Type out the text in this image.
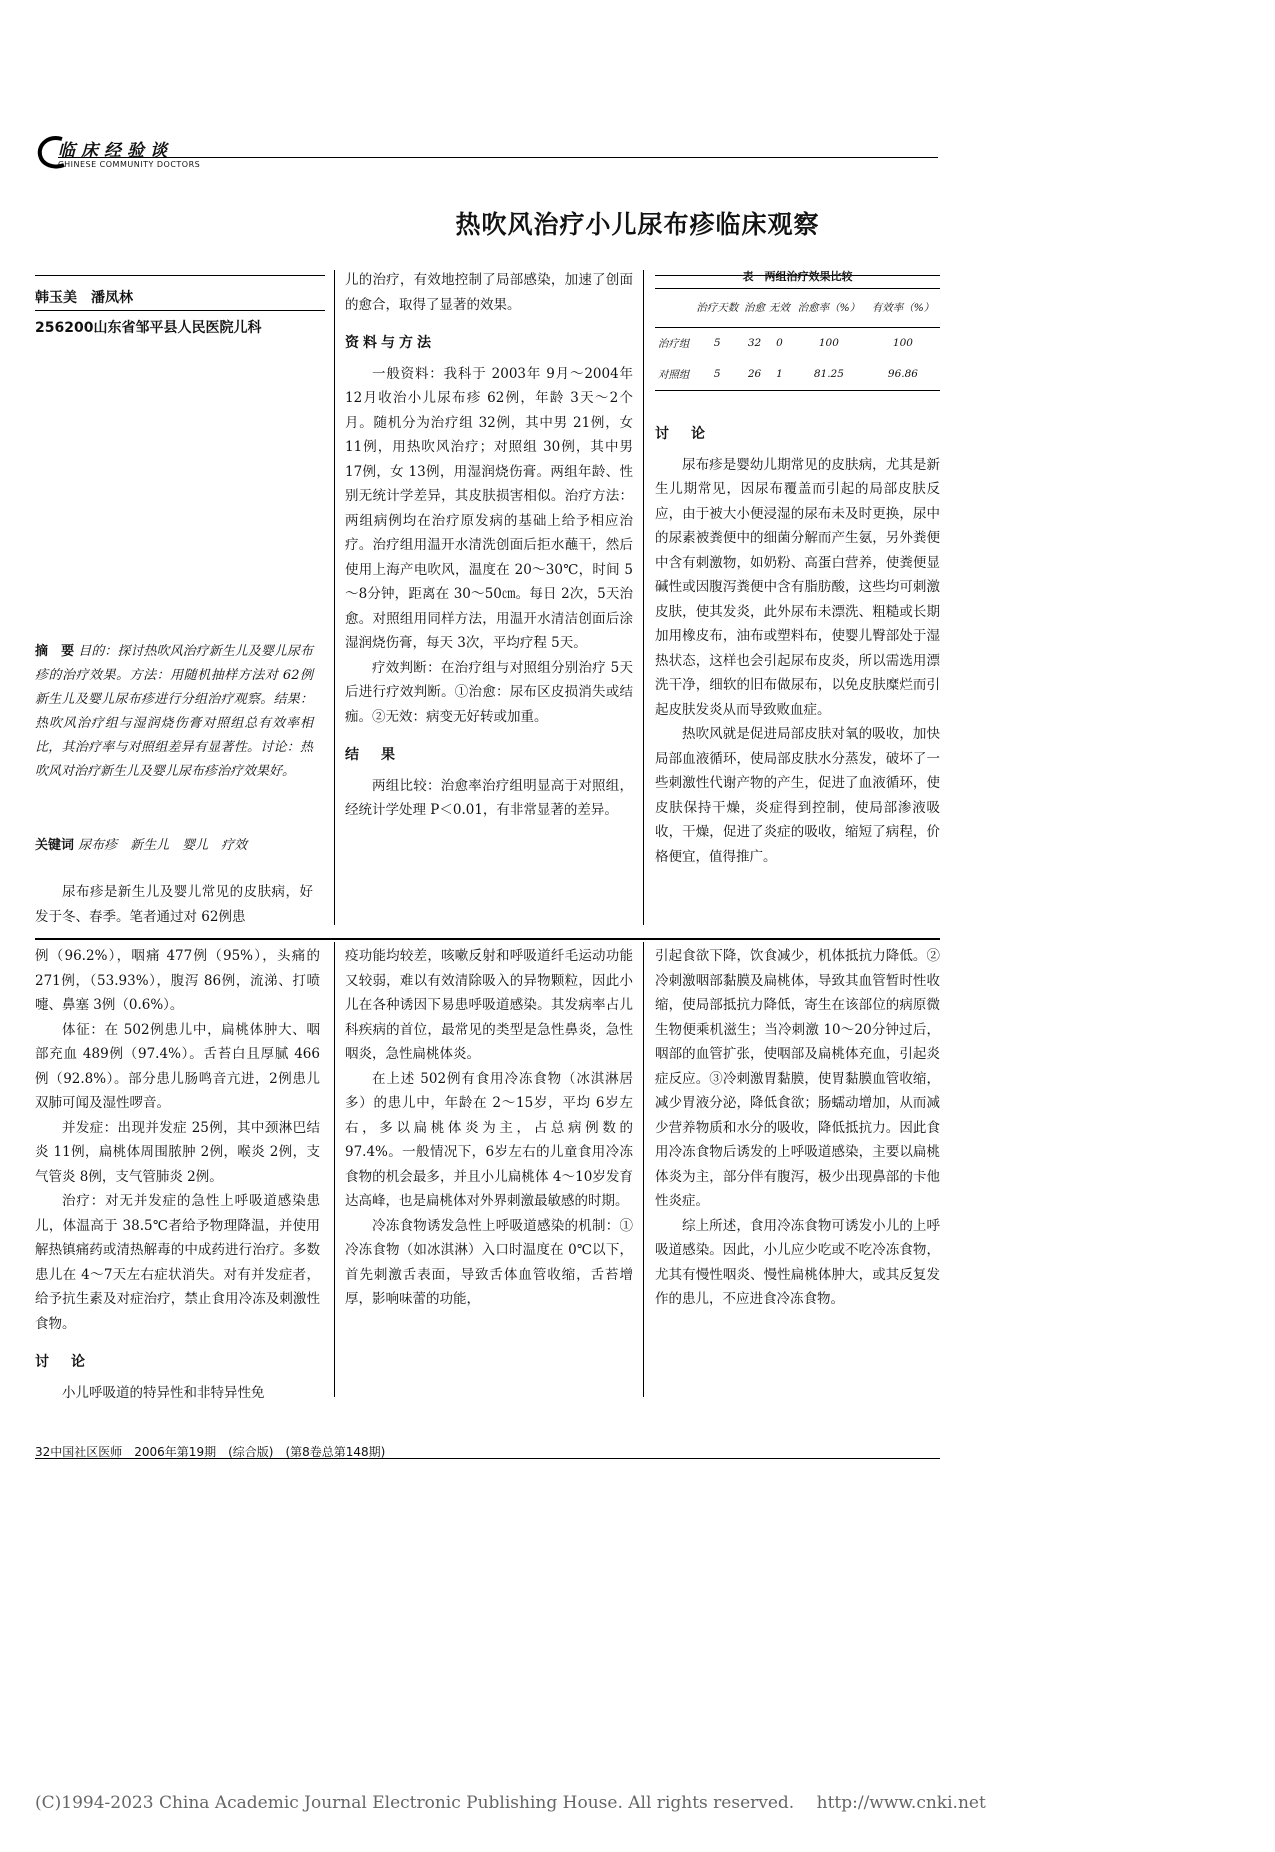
临床经验谈
CHINESE COMMUNITY DOCTORS
热吹风治疗小儿尿布疹临床观察
韩玉美　潘凤林
256200山东省邹平县人民医院儿科
摘　要 目的：探讨热吹风治疗新生儿及婴儿尿布疹的治疗效果。方法：用随机抽样方法对 62例新生儿及婴儿尿布疹进行分组治疗观察。结果：热吹风治疗组与湿润烧伤膏对照组总有效率相比，其治疗率与对照组差异有显著性。讨论：热吹风对治疗新生儿及婴儿尿布疹治疗效果好。
关键词 尿布疹　新生儿　婴儿　疗效

尿布疹是新生儿及婴儿常见的皮肤病，好发于冬、春季。笔者通过对 62例患

儿的治疗，有效地控制了局部感染，加速了创面的愈合，取得了显著的效果。

资料与方法

一般资料：我科于 2003年 9月～2004年 12月收治小儿尿布疹 62例，年龄 3天～2个月。随机分为治疗组 32例，其中男 21例，女 11例，用热吹风治疗；对照组 30例，其中男 17例，女 13例，用湿润烧伤膏。两组年龄、性别无统计学差异，其皮肤损害相似。治疗方法：两组病例均在治疗原发病的基础上给予相应治疗。治疗组用温开水清洗创面后拒水蘸干，然后使用上海产电吹风，温度在 20～30℃，时间 5～8分钟，距离在 30～50㎝。每日 2次，5天治愈。对照组用同样方法，用温开水清洁创面后涂湿润烧伤膏，每天 3次，平均疗程 5天。

疗效判断：在治疗组与对照组分别治疗 5天后进行疗效判断。①治愈：尿布区皮损消失或结痂。②无效：病变无好转或加重。

结　果

两组比较：治愈率治疗组明显高于对照组，经统计学处理 P＜0.01，有非常显著的差异。

表　两组治疗效果比较
	治疗天数	治愈	无效	治愈率（%）	有效率（%）

治疗组	5	32	0	100	100
对照组	5	26	1	81.25	96.86
讨　论

尿布疹是婴幼儿期常见的皮肤病，尤其是新生儿期常见，因尿布覆盖而引起的局部皮肤反应，由于被大小便浸湿的尿布未及时更换，尿中的尿素被粪便中的细菌分解而产生氨，另外粪便中含有刺激物，如奶粉、高蛋白营养，使粪便显碱性或因腹泻粪便中含有脂肪酸，这些均可刺激皮肤，使其发炎，此外尿布未漂洗、粗糙或长期加用橡皮布，油布或塑料布，使婴儿臀部处于湿热状态，这样也会引起尿布皮炎，所以需选用漂洗干净，细软的旧布做尿布，以免皮肤糜烂而引起皮肤发炎从而导致败血症。

热吹风就是促进局部皮肤对氧的吸收，加快局部血液循环，使局部皮肤水分蒸发，破坏了一些刺激性代谢产物的产生，促进了血液循环，使皮肤保持干燥，炎症得到控制，使局部渗液吸收，干燥，促进了炎症的吸收，缩短了病程，价格便宜，值得推广。

例（96.2%），咽痛 477例（95%），头痛的 271例，（53.93%），腹泻 86例，流涕、打喷嚏、鼻塞 3例（0.6%）。

体征：在 502例患儿中，扁桃体肿大、咽部充血 489例（97.4%）。舌苔白且厚腻 466例（92.8%）。部分患儿肠鸣音亢进，2例患儿双肺可闻及湿性啰音。

并发症：出现并发症 25例，其中颈淋巴结炎 11例，扁桃体周围脓肿 2例，喉炎 2例，支气管炎 8例，支气管肺炎 2例。

治疗：对无并发症的急性上呼吸道感染患儿，体温高于 38.5℃者给予物理降温，并使用解热镇痛药或清热解毒的中成药进行治疗。多数患儿在 4～7天左右症状消失。对有并发症者，给予抗生素及对症治疗，禁止食用冷冻及刺激性食物。

讨　论

小儿呼吸道的特异性和非特异性免

疫功能均较差，咳嗽反射和呼吸道纤毛运动功能又较弱，难以有效清除吸入的异物颗粒，因此小儿在各种诱因下易患呼吸道感染。其发病率占儿科疾病的首位，最常见的类型是急性鼻炎，急性咽炎，急性扁桃体炎。

在上述 502例有食用冷冻食物（冰淇淋居多）的患儿中，年龄在 2～15岁，平均 6岁左右，多以扁桃体炎为主，占总病例数的 97.4%。一般情况下，6岁左右的儿童食用冷冻食物的机会最多，并且小儿扁桃体 4～10岁发育达高峰，也是扁桃体对外界刺激最敏感的时期。

冷冻食物诱发急性上呼吸道感染的机制：①冷冻食物（如冰淇淋）入口时温度在 0℃以下，首先刺激舌表面，导致舌体血管收缩，舌苔增厚，影响味蕾的功能，

引起食欲下降，饮食减少，机体抵抗力降低。②冷刺激咽部黏膜及扁桃体，导致其血管暂时性收缩，使局部抵抗力降低，寄生在该部位的病原微生物便乘机滋生；当冷刺激 10～20分钟过后，咽部的血管扩张，使咽部及扁桃体充血，引起炎症反应。③冷刺激胃黏膜，使胃黏膜血管收缩，减少胃液分泌，降低食欲；肠蠕动增加，从而减少营养物质和水分的吸收，降低抵抗力。因此食用冷冻食物后诱发的上呼吸道感染，主要以扁桃体炎为主，部分伴有腹泻，极少出现鼻部的卡他性炎症。

综上所述，食用冷冻食物可诱发小儿的上呼吸道感染。因此，小儿应少吃或不吃冷冻食物，尤其有慢性咽炎、慢性扁桃体肿大，或其反复发作的患儿，不应进食冷冻食物。

32中国社区医师　2006年第19期　(综合版)　(第8卷总第148期)
(C)1994-2023 China Academic Journal Electronic Publishing House. All rights reserved.　 http://www.cnki.net
